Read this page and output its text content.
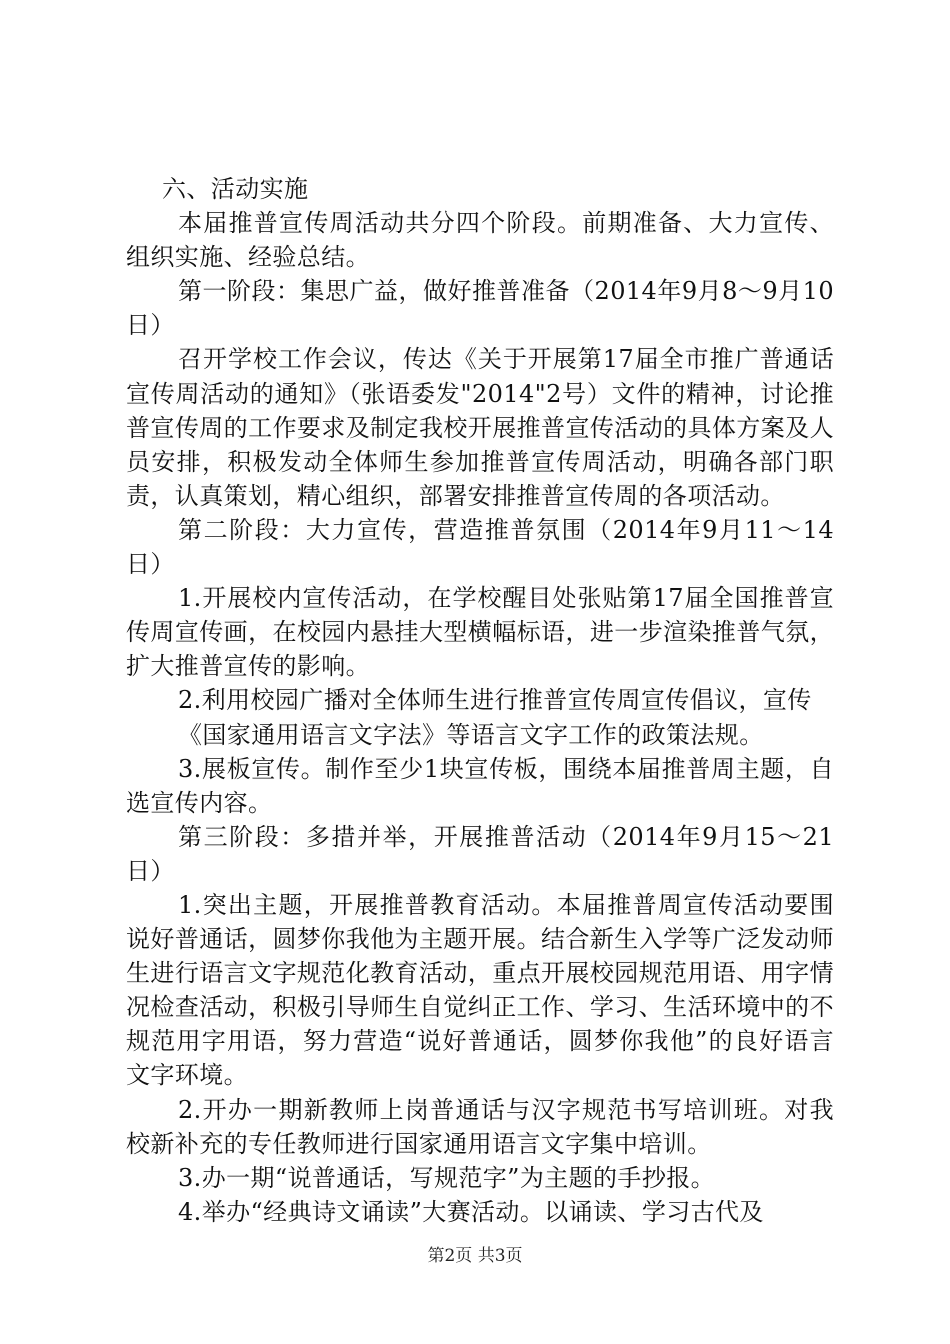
六、活动实施

本届推普宣传周活动共分四个阶段。前期准备、大力宣传、组织实施、经验总结。

第一阶段：集思广益，做好推普准备（2014年9月8～9月10日）

召开学校工作会议，传达《关于开展第17届全市推广普通话宣传周活动的通知》（张语委发"2014"2号）文件的精神，讨论推普宣传周的工作要求及制定我校开展推普宣传活动的具体方案及人员安排，积极发动全体师生参加推普宣传周活动，明确各部门职责，认真策划，精心组织，部署安排推普宣传周的各项活动。

第二阶段：大力宣传，营造推普氛围（2014年9月11～14日）

1.开展校内宣传活动，在学校醒目处张贴第17届全国推普宣传周宣传画，在校园内悬挂大型横幅标语，进一步渲染推普气氛，扩大推普宣传的影响。

2.利用校园广播对全体师生进行推普宣传周宣传倡议，宣传

《国家通用语言文字法》等语言文字工作的政策法规。

3.展板宣传。制作至少1块宣传板，围绕本届推普周主题，自选宣传内容。

第三阶段：多措并举，开展推普活动（2014年9月15～21日）

1.突出主题，开展推普教育活动。本届推普周宣传活动要围说好普通话，圆梦你我他为主题开展。结合新生入学等广泛发动师生进行语言文字规范化教育活动，重点开展校园规范用语、用字情况检查活动，积极引导师生自觉纠正工作、学习、生活环境中的不规范用字用语，努力营造“说好普通话，圆梦你我他”的良好语言文字环境。

2.开办一期新教师上岗普通话与汉字规范书写培训班。对我校新补充的专任教师进行国家通用语言文字集中培训。

3.办一期“说普通话，写规范字”为主题的手抄报。

4.举办“经典诗文诵读”大赛活动。以诵读、学习古代及

第2页 共3页
